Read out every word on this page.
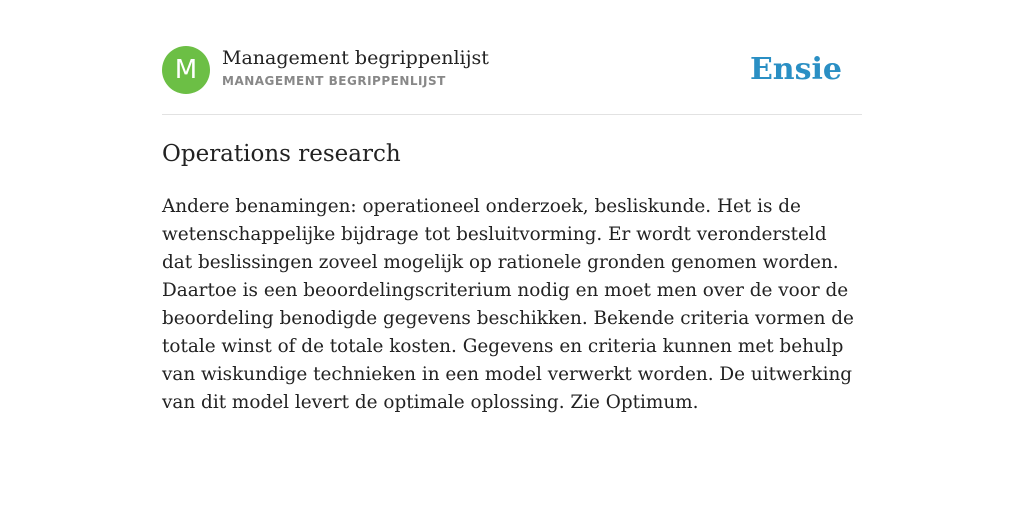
M	Management begrippenlijst
MANAGEMENT BEGRIPPENLIJST	Ensie
Operations research
Andere benamingen: operationeel onderzoek, besliskunde. Het is de wetenschappelijke bijdrage tot besluitvorming. Er wordt verondersteld dat beslissingen zoveel mogelijk op rationele gronden genomen worden. Daartoe is een beoordelingscriterium nodig en moet men over de voor de beoordeling benodigde gegevens beschikken. Bekende criteria vormen de totale winst of de totale kosten. Gegevens en criteria kunnen met behulp van wiskundige technieken in een model verwerkt worden. De uitwerking van dit model levert de optimale oplossing. Zie Optimum.
